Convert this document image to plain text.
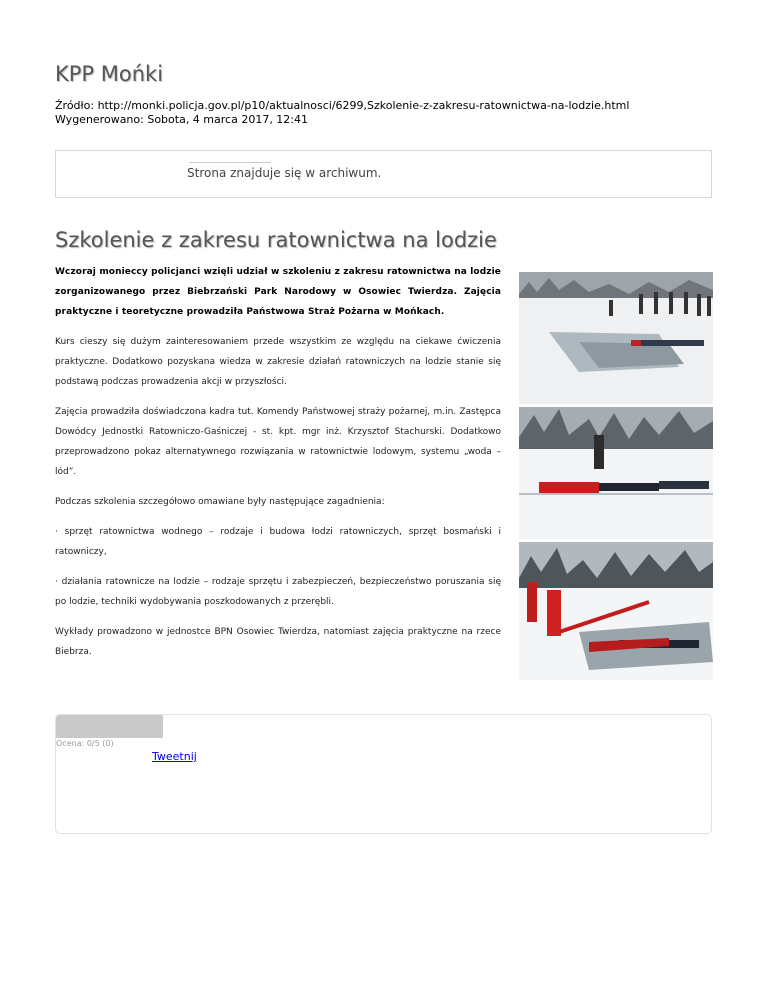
KPP Mońki
Źródło: http://monki.policja.gov.pl/p10/aktualnosci/6299,Szkolenie-z-zakresu-ratownictwa-na-lodzie.html
Wygenerowano: Sobota, 4 marca 2017, 12:41
Strona znajduje się w archiwum.
Szkolenie z zakresu ratownictwa na lodzie

Wczoraj monieccy policjanci wzięli udział w szkoleniu z zakresu ratownictwa na lodzie zorganizowanego przez Biebrzański Park Narodowy w Osowiec Twierdza. Zajęcia praktyczne i teoretyczne prowadziła Państwowa Straż Pożarna w Mońkach.

Kurs cieszy się dużym zainteresowaniem przede wszystkim ze względu na ciekawe ćwiczenia praktyczne. Dodatkowo pozyskana wiedza w zakresie działań ratowniczych na lodzie stanie się podstawą podczas prowadzenia akcji w przyszłości.

Zajęcia prowadziła doświadczona kadra tut. Komendy Państwowej straży pożarnej, m.in. Zastępca Dowódcy Jednostki Ratowniczo-Gaśniczej - st. kpt. mgr inż. Krzysztof Stachurski. Dodatkowo przeprowadzono pokaz alternatywnego rozwiązania w ratownictwie lodowym, systemu „woda – lód”.

Podczas szkolenia szczegółowo omawiane były następujące zagadnienia:

· sprzęt ratownictwa wodnego – rodzaje i budowa łodzi ratowniczych, sprzęt bosmański i ratowniczy,

· działania ratownicze na lodzie – rodzaje sprzętu i zabezpieczeń, bezpieczeństwo poruszania się po lodzie, techniki wydobywania poszkodowanych z przerębli.

Wykłady prowadzono w jednostce BPN Osowiec Twierdza, natomiast zajęcia praktyczne na rzece Biebrza.

Ocena: 0/5 (0)
Tweetnij
